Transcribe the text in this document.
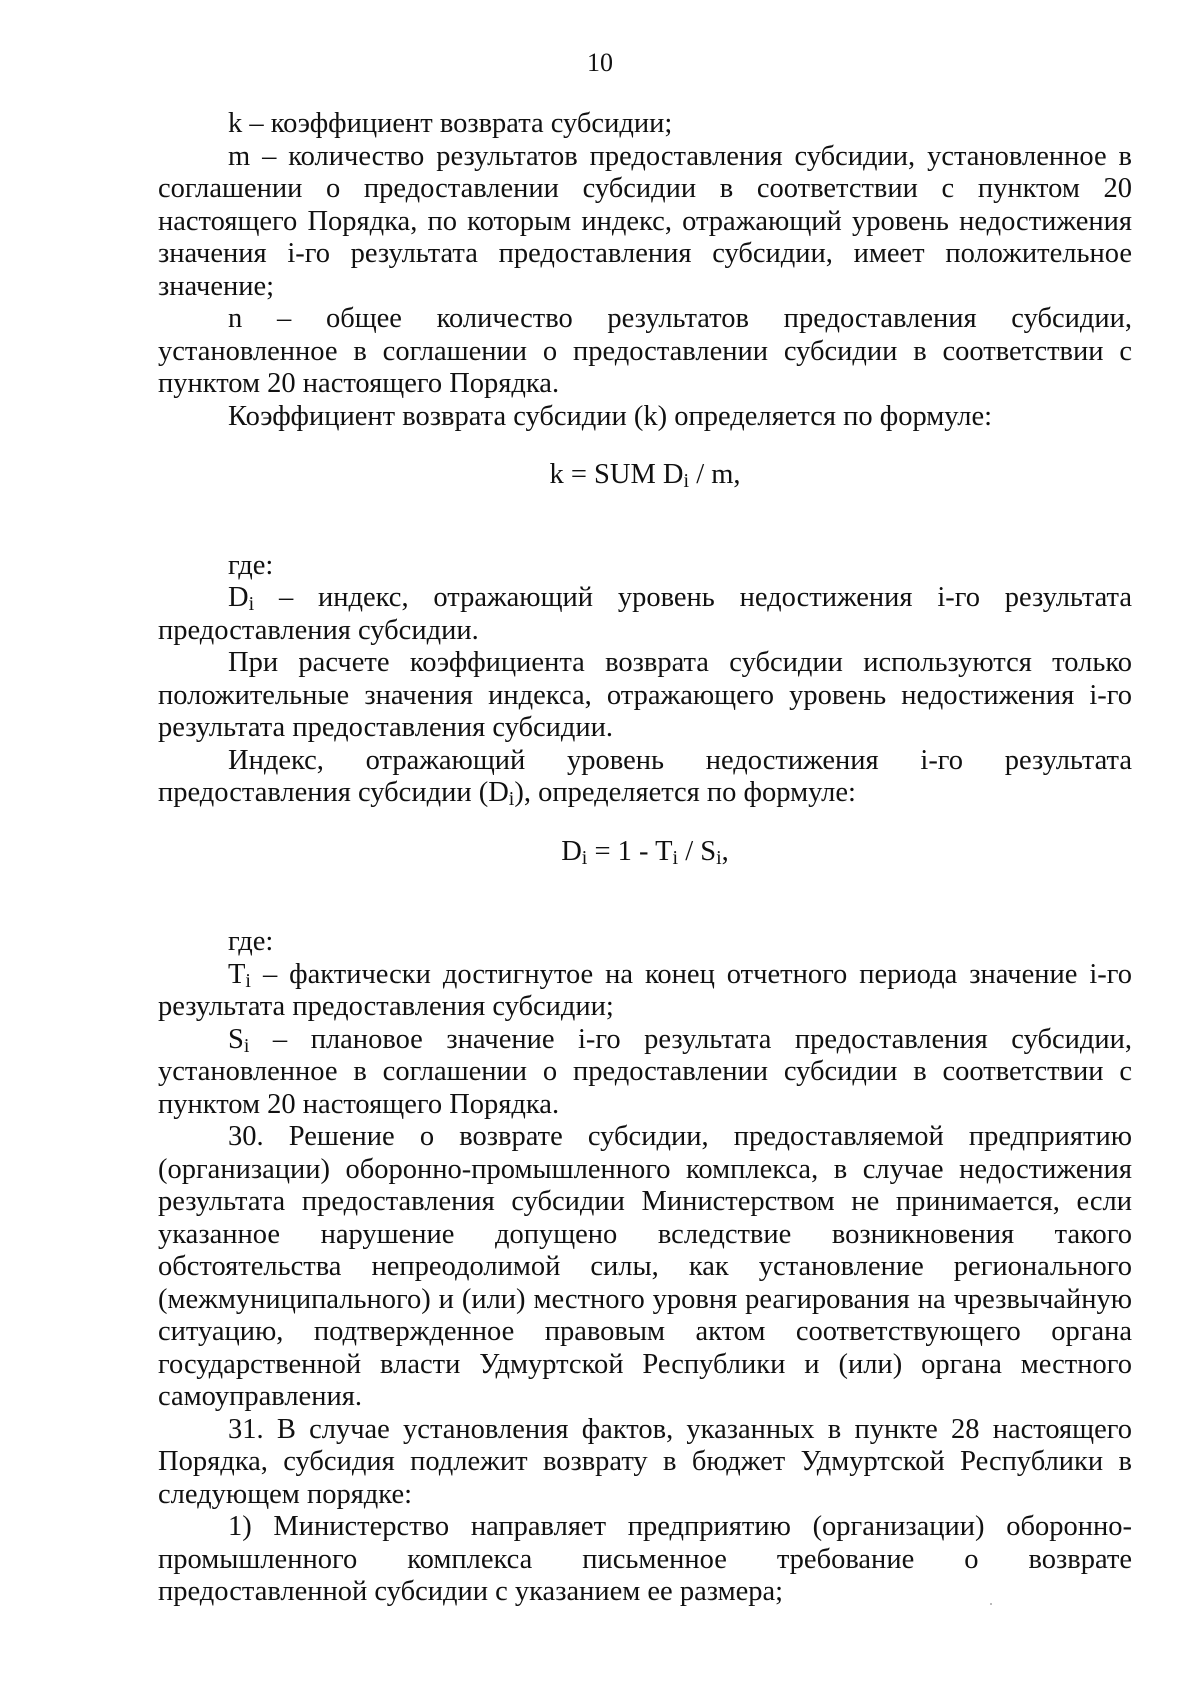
10

k – коэффициент возврата субсидии;

m – количество результатов предоставления субсидии, установленное в соглашении о предоставлении субсидии в соответствии с пунктом 20 настоящего Порядка, по которым индекс, отражающий уровень недостижения значения i-го результата предоставления субсидии, имеет положительное значение;

n – общее количество результатов предоставления субсидии, установленное в соглашении о предоставлении субсидии в соответствии с пунктом 20 настоящего Порядка.

Коэффициент возврата субсидии (k) определяется по формуле:

k = SUM $D_i$ / m,

где:

$D_i$ – индекс, отражающий уровень недостижения i-го результата предоставления субсидии.

При расчете коэффициента возврата субсидии используются только положительные значения индекса, отражающего уровень недостижения i-го результата предоставления субсидии.

Индекс, отражающий уровень недостижения i-го результата предоставления субсидии $(D_i)$, определяется по формуле:

$D_i = 1 - T_i / S_i$,

где:

$T_i$ – фактически достигнутое на конец отчетного периода значение i-го результата предоставления субсидии;

$S_i$ – плановое значение i-го результата предоставления субсидии, установленное в соглашении о предоставлении субсидии в соответствии с пунктом 20 настоящего Порядка.

30. Решение о возврате субсидии, предоставляемой предприятию (организации) оборонно-промышленного комплекса, в случае недостижения результата предоставления субсидии Министерством не принимается, если указанное нарушение допущено вследствие возникновения такого обстоятельства непреодолимой силы, как установление регионального (межмуниципального) и (или) местного уровня реагирования на чрезвычайную ситуацию, подтвержденное правовым актом соответствующего органа государственной власти Удмуртской Республики и (или) органа местного самоуправления.

31. В случае установления фактов, указанных в пункте 28 настоящего Порядка, субсидия подлежит возврату в бюджет Удмуртской Республики в следующем порядке:

1) Министерство направляет предприятию (организации) оборонно-промышленного комплекса письменное требование о возврате предоставленной субсидии с указанием ее размера;
